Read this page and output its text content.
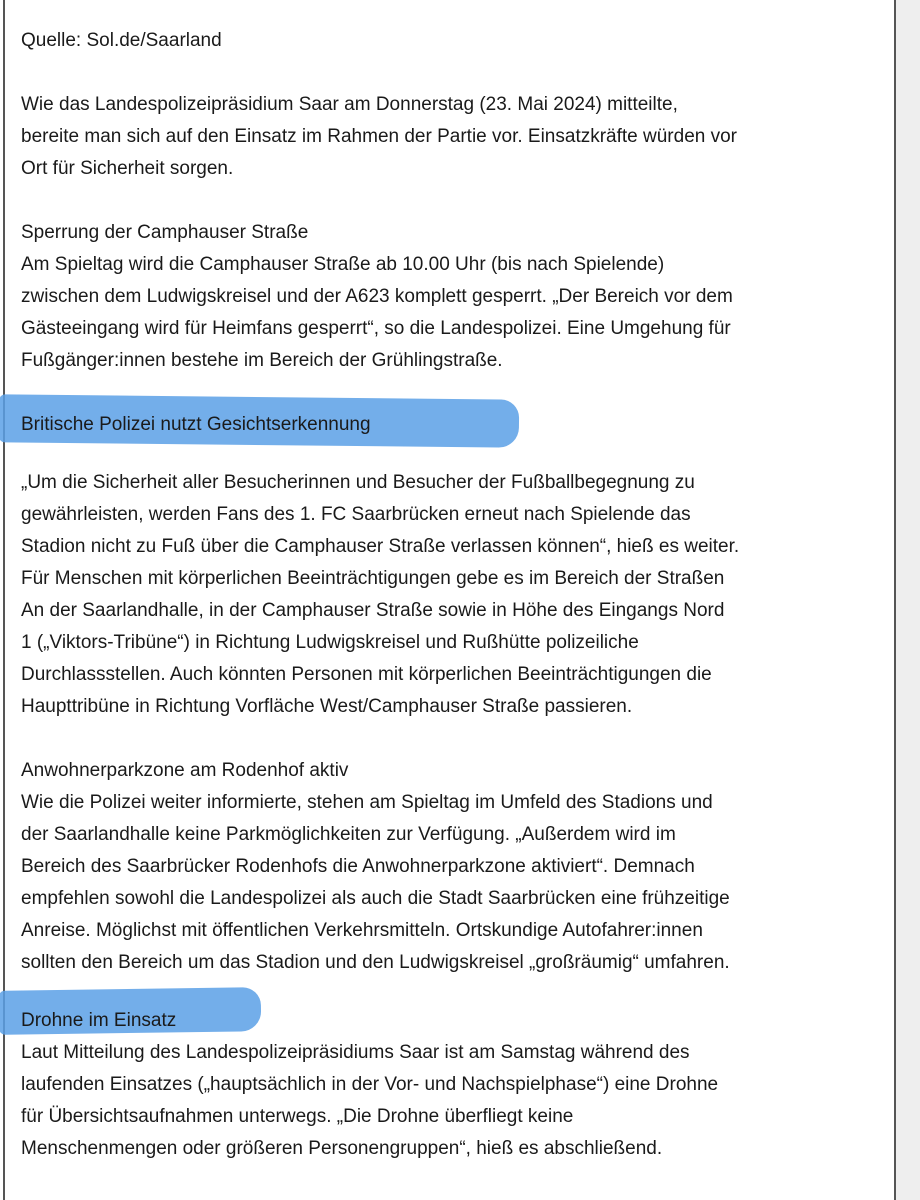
Quelle: Sol.de/Saarland

Wie das Landespolizeipräsidium Saar am Donnerstag (23. Mai 2024) mitteilte,
bereite man sich auf den Einsatz im Rahmen der Partie vor. Einsatzkräfte würden vor
Ort für Sicherheit sorgen.

Sperrung der Camphauser Straße
Am Spieltag wird die Camphauser Straße ab 10.00 Uhr (bis nach Spielende)
zwischen dem Ludwigskreisel und der A623 komplett gesperrt. „Der Bereich vor dem
Gästeeingang wird für Heimfans gesperrt“, so die Landespolizei. Eine Umgehung für
Fußgänger:innen bestehe im Bereich der Grühlingstraße.

Britische Polizei nutzt Gesichtserkennung
„Um die Sicherheit aller Besucherinnen und Besucher der Fußballbegegnung zu
gewährleisten, werden Fans des 1. FC Saarbrücken erneut nach Spielende das
Stadion nicht zu Fuß über die Camphauser Straße verlassen können“, hieß es weiter.
Für Menschen mit körperlichen Beeinträchtigungen gebe es im Bereich der Straßen
An der Saarlandhalle, in der Camphauser Straße sowie in Höhe des Eingangs Nord
1 („Viktors-Tribüne“) in Richtung Ludwigskreisel und Rußhütte polizeiliche
Durchlassstellen. Auch könnten Personen mit körperlichen Beeinträchtigungen die
Haupttribüne in Richtung Vorfläche West/Camphauser Straße passieren.

Anwohnerparkzone am Rodenhof aktiv
Wie die Polizei weiter informierte, stehen am Spieltag im Umfeld des Stadions und
der Saarlandhalle keine Parkmöglichkeiten zur Verfügung. „Außerdem wird im
Bereich des Saarbrücker Rodenhofs die Anwohnerparkzone aktiviert“. Demnach
empfehlen sowohl die Landespolizei als auch die Stadt Saarbrücken eine frühzeitige
Anreise. Möglichst mit öffentlichen Verkehrsmitteln. Ortskundige Autofahrer:innen
sollten den Bereich um das Stadion und den Ludwigskreisel „großräumig“ umfahren.

Drohne im Einsatz
Laut Mitteilung des Landespolizeipräsidiums Saar ist am Samstag während des
laufenden Einsatzes („hauptsächlich in der Vor- und Nachspielphase“) eine Drohne
für Übersichtsaufnahmen unterwegs. „Die Drohne überfliegt keine
Menschenmengen oder größeren Personengruppen“, hieß es abschließend.
